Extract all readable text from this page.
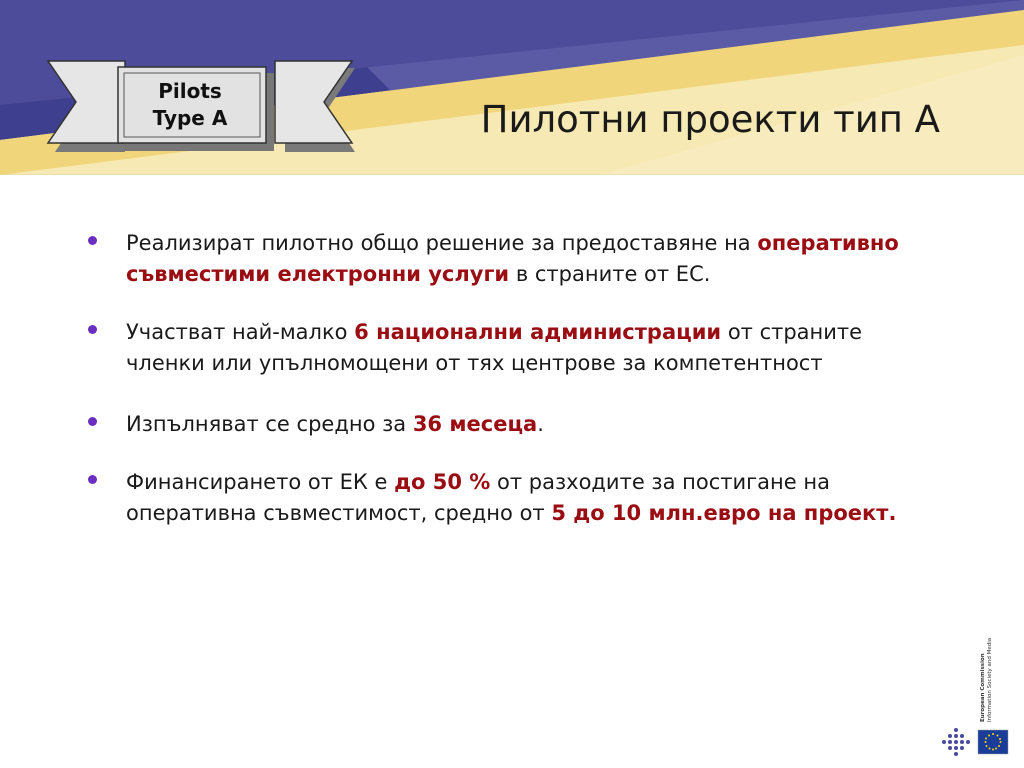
Pilots
Type A	Пилотни проекти тип А
Реализират пилотно общо решение за предоставяне на оперативно съвместими електронни услуги в страните от ЕС.
Участват най-малко 6 национални администрации от страните членки или упълномощени от тях центрове за компетентност
Изпълняват се средно за 36 месеца.
Финансирането от ЕК е до 50 % от разходите за постигане на оперативна съвместимост, средно от 5 до 10 млн.евро на проект.
European Commission Information Society and Media
